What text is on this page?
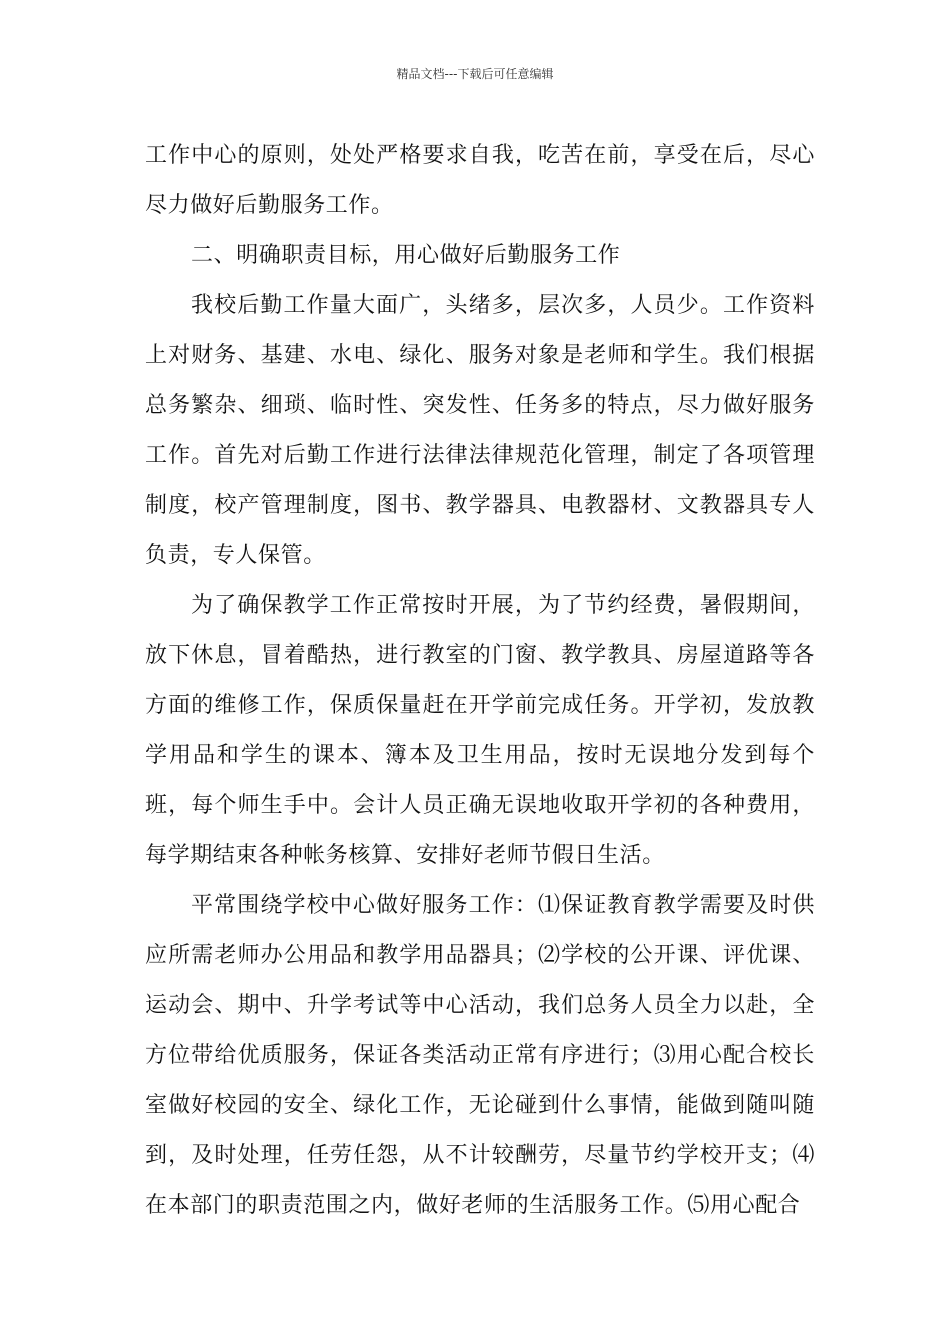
精品文档---下载后可任意编辑

工作中心的原则，处处严格要求自我，吃苦在前，享受在后，尽心尽力做好后勤服务工作。

二、明确职责目标，用心做好后勤服务工作

我校后勤工作量大面广，头绪多，层次多，人员少。工作资料上对财务、基建、水电、绿化、服务对象是老师和学生。我们根据总务繁杂、细琐、临时性、突发性、任务多的特点，尽力做好服务工作。首先对后勤工作进行法律法律规范化管理，制定了各项管理制度，校产管理制度，图书、教学器具、电教器材、文教器具专人负责，专人保管。

为了确保教学工作正常按时开展，为了节约经费，暑假期间，放下休息，冒着酷热，进行教室的门窗、教学教具、房屋道路等各方面的维修工作，保质保量赶在开学前完成任务。开学初，发放教学用品和学生的课本、簿本及卫生用品，按时无误地分发到每个班，每个师生手中。会计人员正确无误地收取开学初的各种费用，每学期结束各种帐务核算、安排好老师节假日生活。

平常围绕学校中心做好服务工作：⑴保证教育教学需要及时供应所需老师办公用品和教学用品器具；⑵学校的公开课、评优课、运动会、期中、升学考试等中心活动，我们总务人员全力以赴，全方位带给优质服务，保证各类活动正常有序进行；⑶用心配合校长室做好校园的安全、绿化工作，无论碰到什么事情，能做到随叫随到，及时处理，任劳任怨，从不计较酬劳，尽量节约学校开支；⑷在本部门的职责范围之内，做好老师的生活服务工作。⑸用心配合
